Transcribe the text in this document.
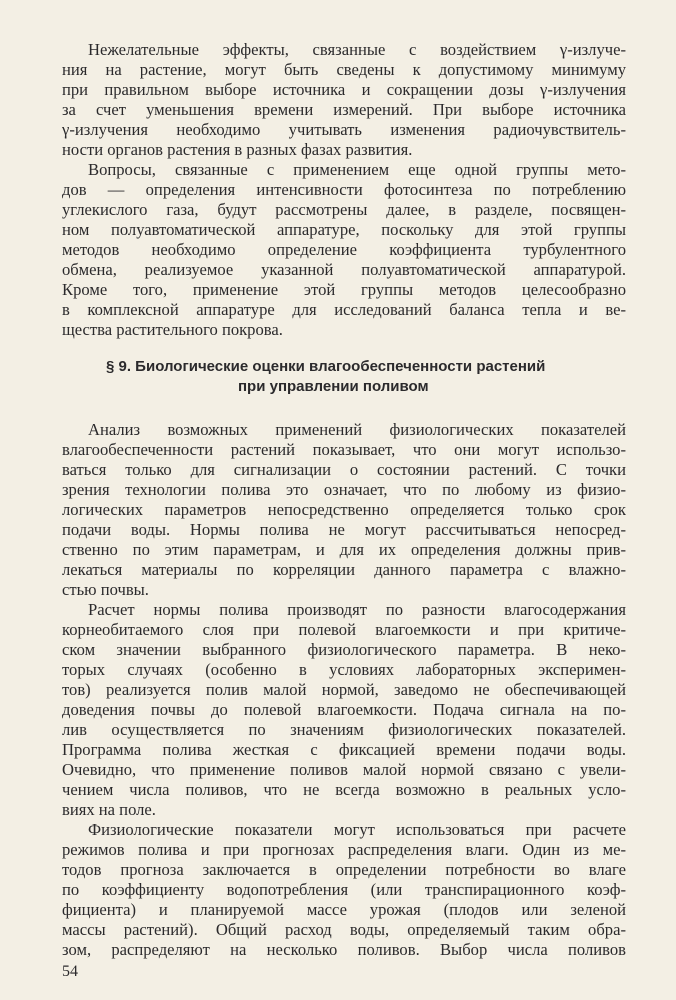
Нежелательные эффекты, связанные с воздействием γ-излуче-
ния на растение, могут быть сведены к допустимому минимуму
при правильном выборе источника и сокращении дозы γ-излучения
за счет уменьшения времени измерений. При выборе источника
γ-излучения необходимо учитывать изменения радиочувствитель-
ности органов растения в разных фазах развития.
Вопросы, связанные с применением еще одной группы мето-
дов — определения интенсивности фотосинтеза по потреблению
углекислого газа, будут рассмотрены далее, в разделе, посвящен-
ном полуавтоматической аппаратуре, поскольку для этой группы
методов необходимо определение коэффициента турбулентного
обмена, реализуемое указанной полуавтоматической аппаратурой.
Кроме того, применение этой группы методов целесообразно
в комплексной аппаратуре для исследований баланса тепла и ве-
щества растительного покрова.
§ 9. Биологические оценки влагообеспеченности растений
при управлении поливом
Анализ возможных применений физиологических показателей
влагообеспеченности растений показывает, что они могут использо-
ваться только для сигнализации о состоянии растений. С точки
зрения технологии полива это означает, что по любому из физио-
логических параметров непосредственно определяется только срок
подачи воды. Нормы полива не могут рассчитываться непосред-
ственно по этим параметрам, и для их определения должны прив-
лекаться материалы по корреляции данного параметра с влажно-
стью почвы.
Расчет нормы полива производят по разности влагосодержания
корнеобитаемого слоя при полевой влагоемкости и при критиче-
ском значении выбранного физиологического параметра. В неко-
торых случаях (особенно в условиях лабораторных эксперимен-
тов) реализуется полив малой нормой, заведомо не обеспечивающей
доведения почвы до полевой влагоемкости. Подача сигнала на по-
лив осуществляется по значениям физиологических показателей.
Программа полива жесткая с фиксацией времени подачи воды.
Очевидно, что применение поливов малой нормой связано с увели-
чением числа поливов, что не всегда возможно в реальных усло-
виях на поле.
Физиологические показатели могут использоваться при расчете
режимов полива и при прогнозах распределения влаги. Один из ме-
тодов прогноза заключается в определении потребности во влаге
по коэффициенту водопотребления (или транспирационного коэф-
фициента) и планируемой массе урожая (плодов или зеленой
массы растений). Общий расход воды, определяемый таким обра-
зом, распределяют на несколько поливов. Выбор числа поливов
54
